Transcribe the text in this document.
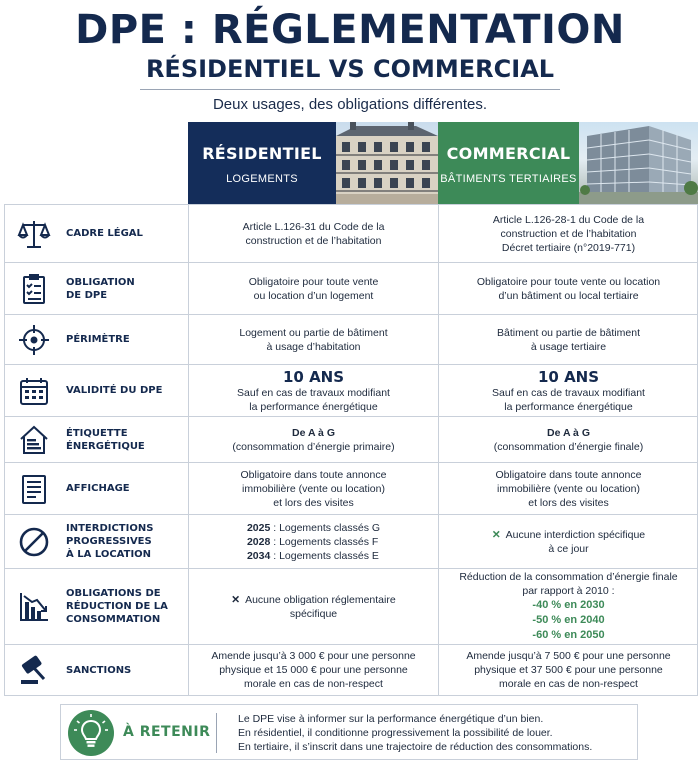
DPE : RÉGLEMENTATION
RÉSIDENTIEL VS COMMERCIAL
Deux usages, des obligations différentes.
RÉSIDENTIEL
LOGEMENTS
COMMERCIAL
BÂTIMENTS TERTIAIRES
CADRE LÉGAL
Article L.126-31 du Code de la
construction et de l’habitation
Article L.126-28-1 du Code de la
construction et de l’habitation
Décret tertiaire (n°2019-771)
OBLIGATION
DE DPE
Obligatoire pour toute vente
ou location d’un logement
Obligatoire pour toute vente ou location
d’un bâtiment ou local tertiaire
PÉRIMÈTRE
Logement ou partie de bâtiment
à usage d’habitation
Bâtiment ou partie de bâtiment
à usage tertiaire
VALIDITÉ DU DPE
10 ANS
Sauf en cas de travaux modifiant
la performance énergétique
10 ANS
Sauf en cas de travaux modifiant
la performance énergétique
ÉTIQUETTE
ÉNERGÉTIQUE
De A à G
(consommation d’énergie primaire)
De A à G
(consommation d’énergie finale)
AFFICHAGE
Obligatoire dans toute annonce
immobilière (vente ou location)
et lors des visites
Obligatoire dans toute annonce
immobilière (vente ou location)
et lors des visites
INTERDICTIONS
PROGRESSIVES
À LA LOCATION
2025 : Logements classés G
2028 : Logements classés F
2034 : Logements classés E
✕ Aucune interdiction spécifique
à ce jour
OBLIGATIONS DE
RÉDUCTION DE LA
CONSOMMATION
✕ Aucune obligation réglementaire
spécifique
Réduction de la consommation d’énergie finale
par rapport à 2010 :
-40 % en 2030
-50 % en 2040
-60 % en 2050
SANCTIONS
Amende jusqu’à 3 000 € pour une personne
physique et 15 000 € pour une personne
morale en cas de non-respect
Amende jusqu’à 7 500 € pour une personne
physique et 37 500 € pour une personne
morale en cas de non-respect
À RETENIR
Le DPE vise à informer sur la performance énergétique d’un bien.
En résidentiel, il conditionne progressivement la possibilité de louer.
En tertiaire, il s’inscrit dans une trajectoire de réduction des consommations.
